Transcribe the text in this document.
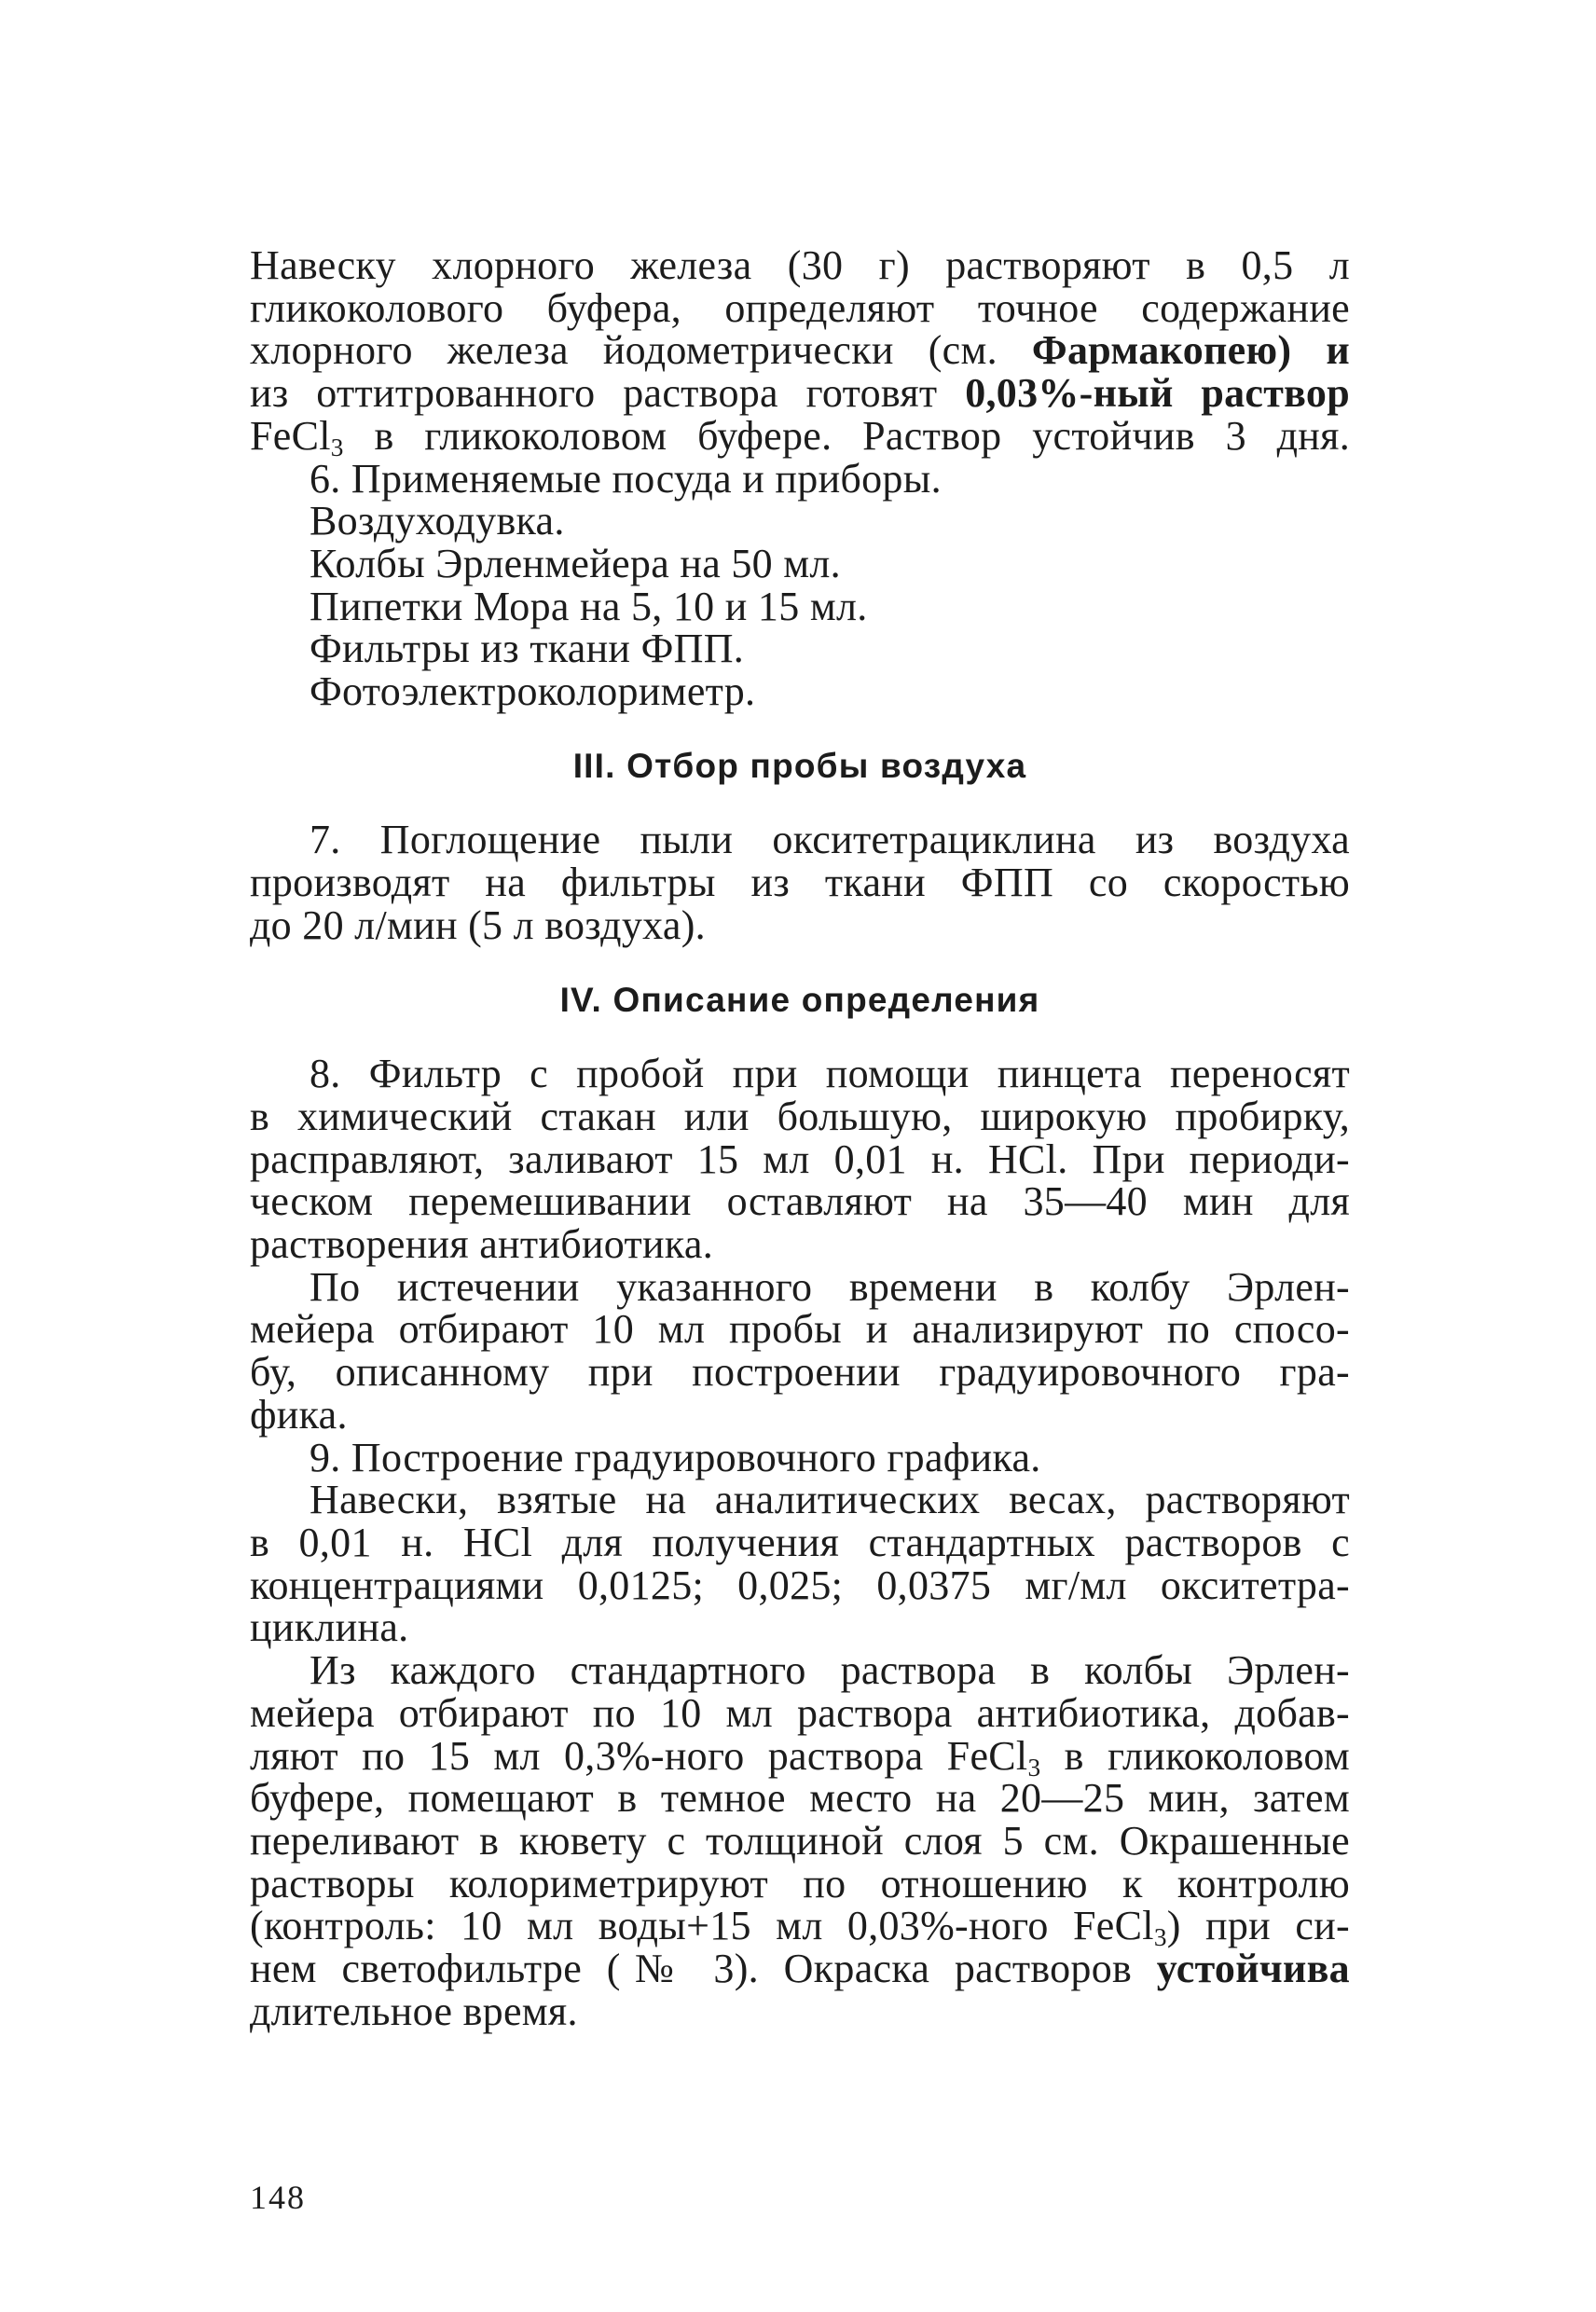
Навеску хлорного железа (30 г) растворяют в 0,5 л
гликоколового буфера, определяют точное содержание
хлорного железа йодометрически (см. Фармакопею) и
из оттитрованного раствора готовят 0,03%-ный раствор
FeCl$_3$ в гликоколовом буфере. Раствор устойчив 3 дня.
6. Применяемые посуда и приборы.
Воздуходувка.
Колбы Эрленмейера на 50 мл.
Пипетки Мора на 5, 10 и 15 мл.
Фильтры из ткани ФПП.
Фотоэлектроколориметр.
III. Отбор пробы воздуха
7. Поглощение пыли окситетрациклина из воздуха
производят на фильтры из ткани ФПП со скоростью
до 20 л/мин (5 л воздуха).
IV. Описание определения
8. Фильтр с пробой при помощи пинцета переносят
в химический стакан или большую, широкую пробирку,
расправляют, заливают 15 мл 0,01 н. НСl. При периоди-
ческом перемешивании оставляют на 35—40 мин для
растворения антибиотика.
По истечении указанного времени в колбу Эрлен-
мейера отбирают 10 мл пробы и анализируют по спосо-
бу, описанному при построении градуировочного гра-
фика.
9. Построение градуировочного графика.
Навески, взятые на аналитических весах, растворяют
в 0,01 н. HCl для получения стандартных растворов с
концентрациями 0,0125; 0,025; 0,0375 мг/мл окситетра-
циклина.
Из каждого стандартного раствора в колбы Эрлен-
мейера отбирают по 10 мл раствора антибиотика, добав-
ляют по 15 мл 0,3%-ного раствора FeCl$_3$ в гликоколовом
буфере, помещают в темное место на 20—25 мин, затем
переливают в кювету с толщиной слоя 5 см. Окрашенные
растворы колориметрируют по отношению к контролю
(контроль: 10 мл воды+15 мл 0,03%-ного FeCl$_3$) при си-
нем светофильтре (№ 3). Окраска растворов устойчива
длительное время.
148
